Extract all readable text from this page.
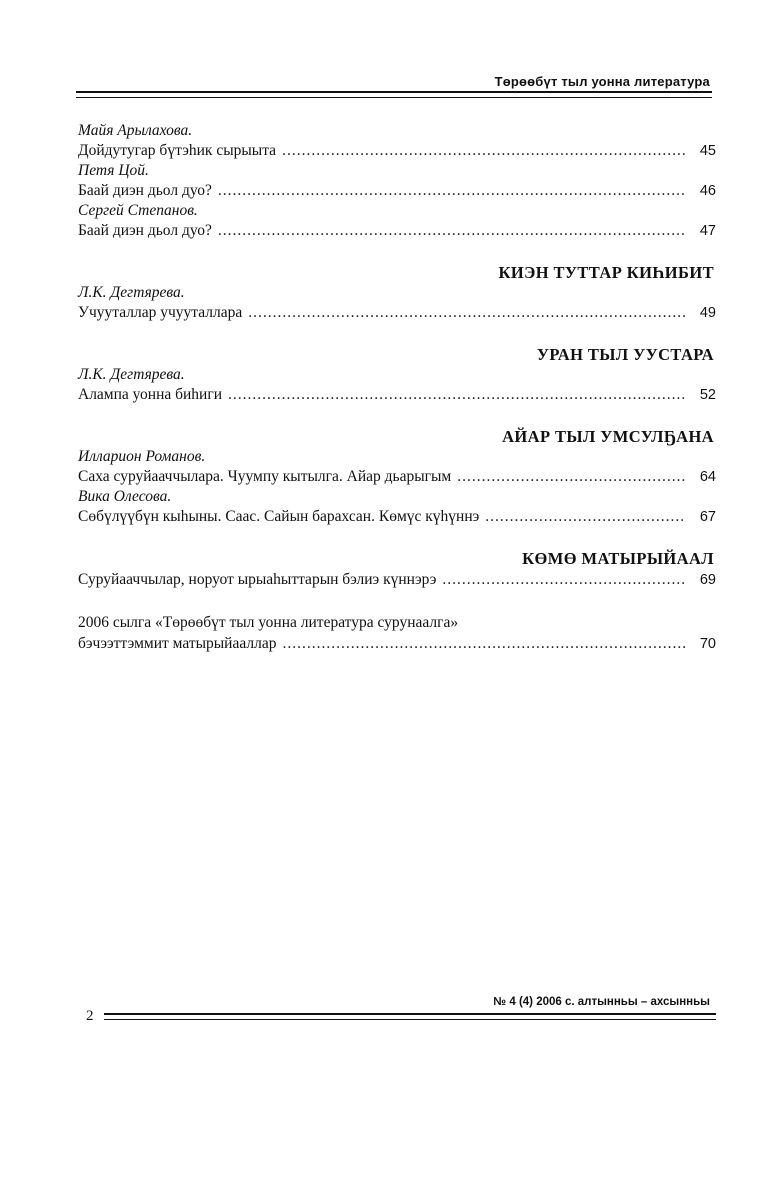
Төрөөбүт тыл уонна литература
Майя Арылахова.
Дойдутугар бүтэһик сырыыта .....	45
Петя Цой.
Баай диэн дьол дуо? .....	46
Сергей Степанов.
Баай диэн дьол дуо? .....	47
КИЭН ТУТТАР КИҺИБИТ
Л.К. Дегтярева.
Учууталлар учууталлара .....	49
УРАН ТЫЛ УУСТАРА
Л.К. Дегтярева.
Алампа уонна биһиги .....	52
АЙАР ТЫЛ УМСУЛҔАНА
Илларион Романов.
Саха суруйааччылара. Чуумпу кытылга. Айар дьарыгым .....	64
Вика Олесова.
Сөбүлүүбүн кыһыны. Саас. Сайын барахсан. Көмүс күһүннэ .....	67
КӨМӨ МАТЫРЫЙААЛ
Суруйааччылар, норуот ырыаһыттарын бэлиэ күннэрэ .....	69
2006 сылга «Төрөөбүт тыл уонна литература сурунаалга»
бэчээттэммит матырыйааллар .....	70
2
№ 4 (4) 2006 с. алтынньы – ахсынньы
